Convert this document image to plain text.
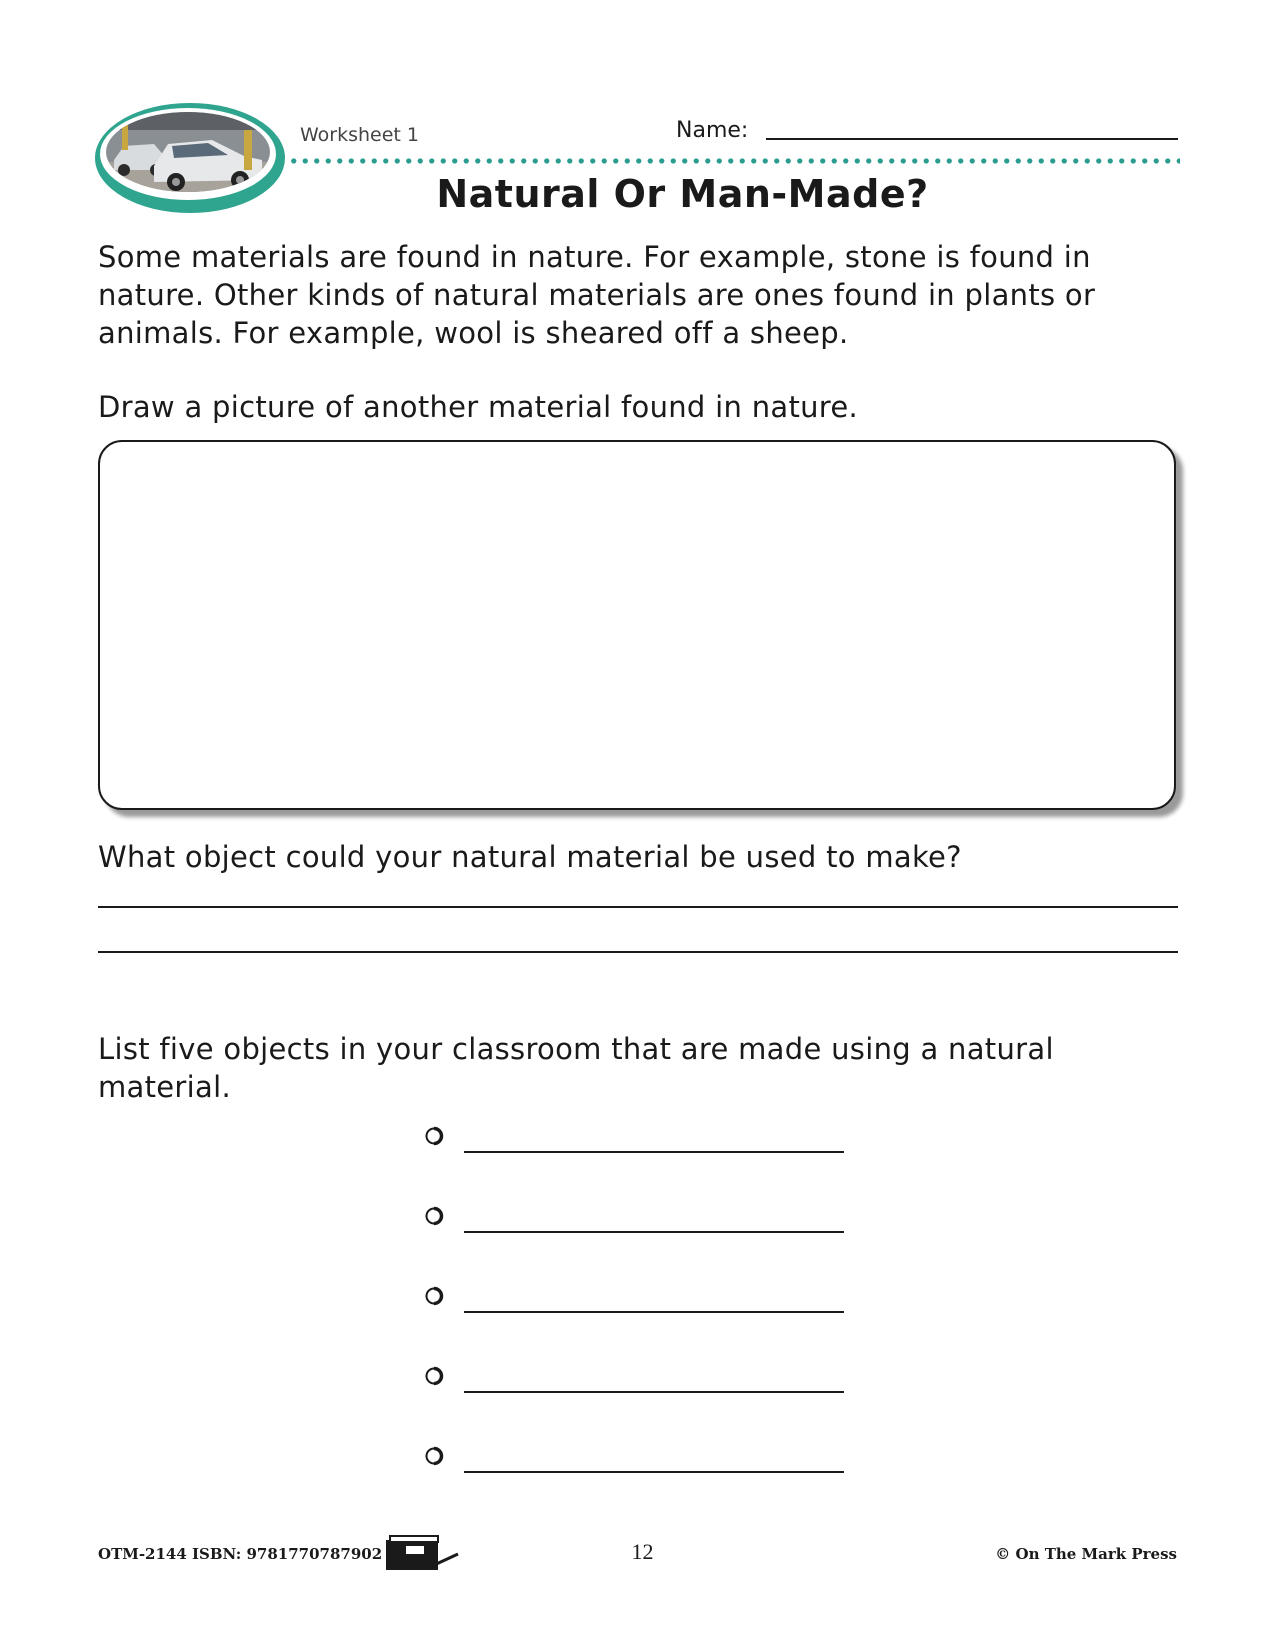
Worksheet 1	Name:
Natural Or Man-Made?
Some materials are found in nature. For example, stone is found in nature. Other kinds of natural materials are ones found in plants or animals. For example, wool is sheared off a sheep.
Draw a picture of another material found in nature.
What object could your natural material be used to make?
List five objects in your classroom that are made using a natural material.
OTM-2144 ISBN: 9781770787902	12	© On The Mark Press
